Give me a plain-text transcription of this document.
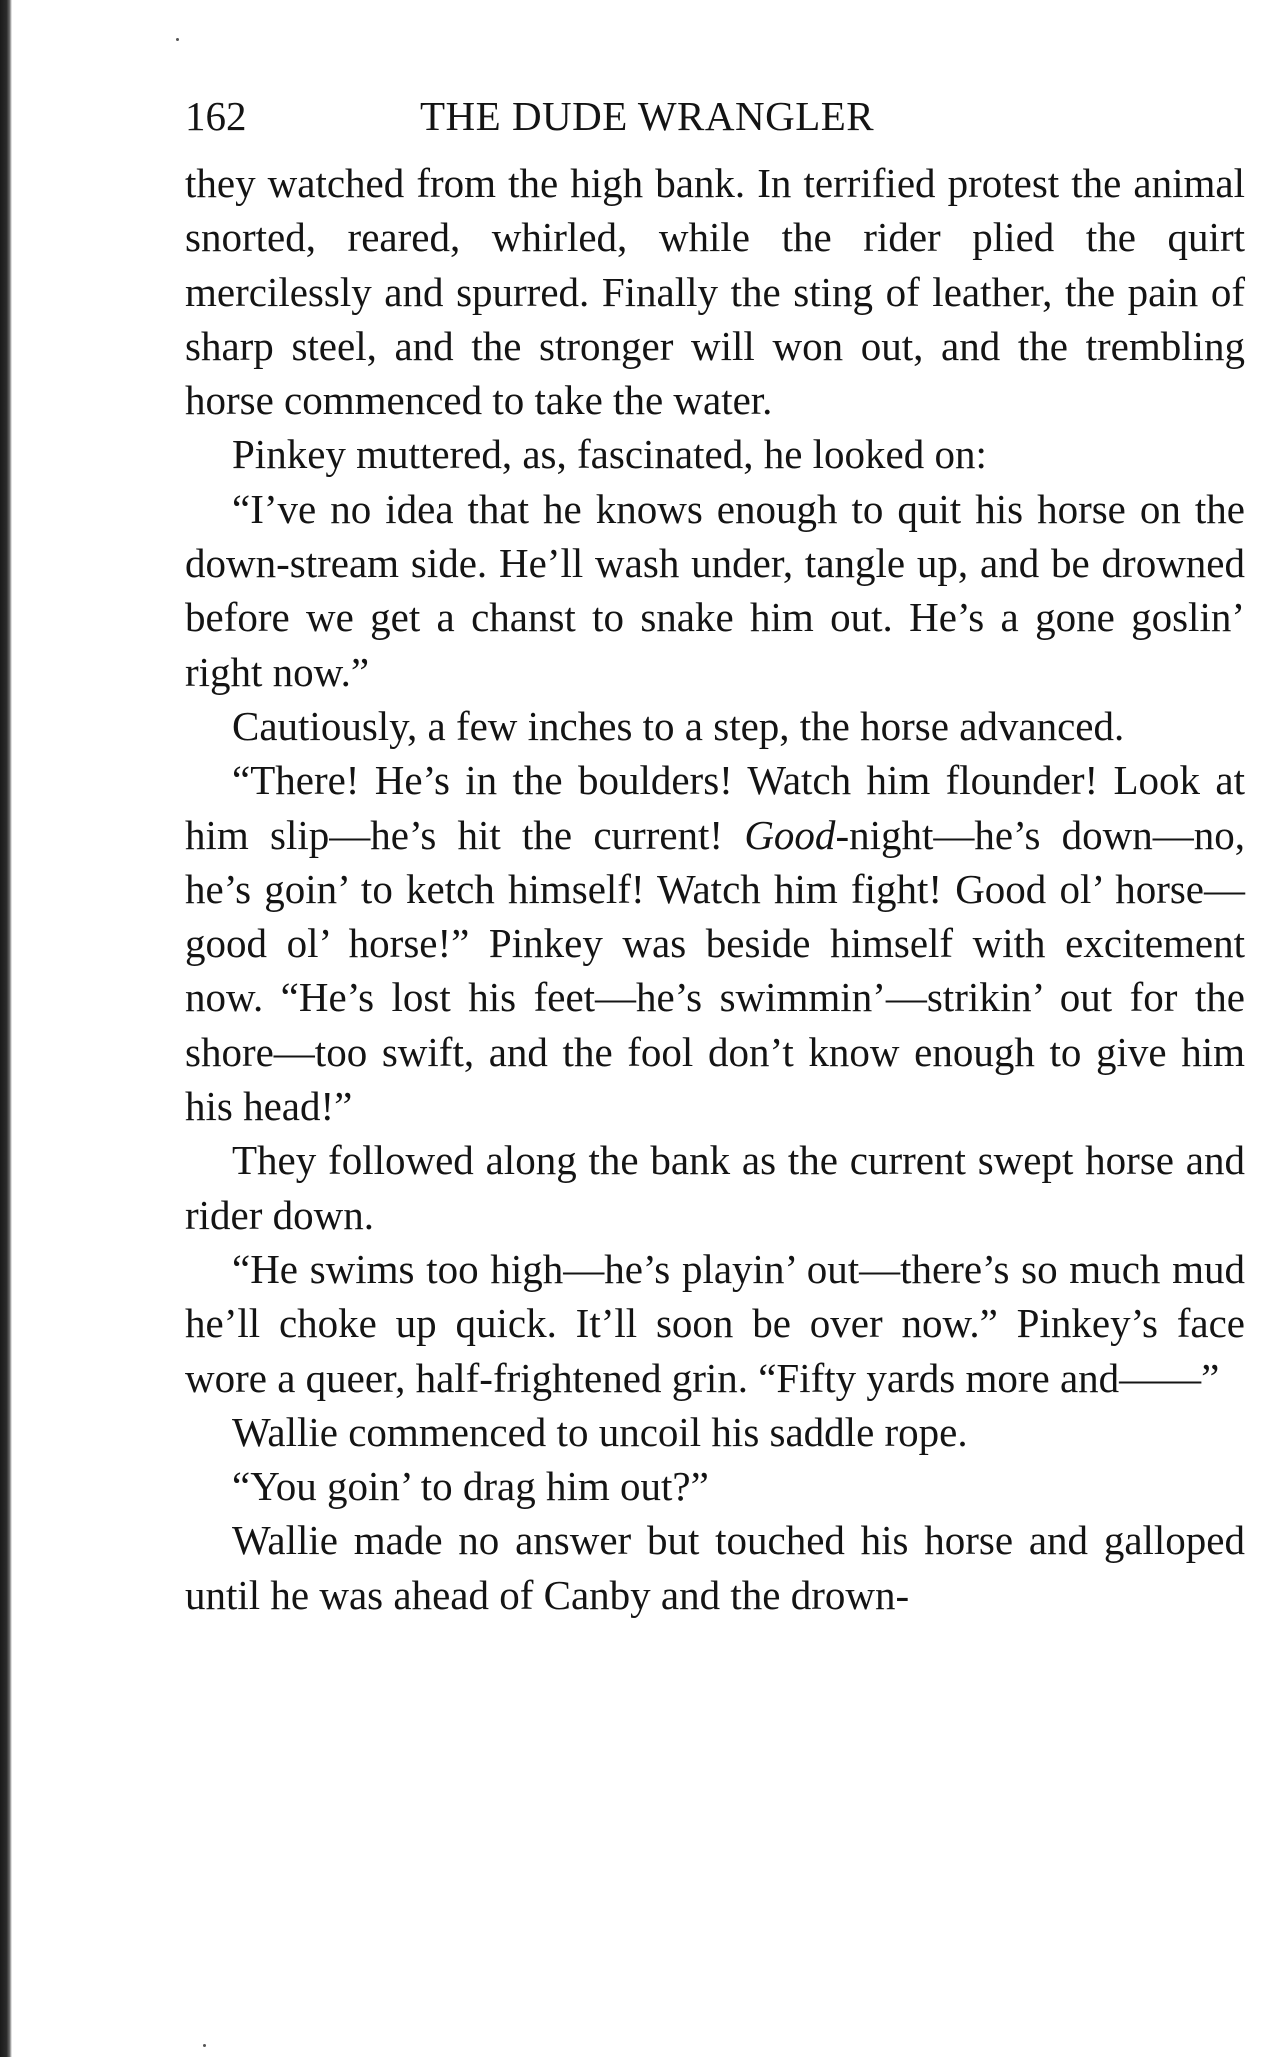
162	THE DUDE WRANGLER

they watched from the high bank. In terrified protest the animal snorted, reared, whirled, while the rider plied the quirt mercilessly and spurred. Finally the sting of leather, the pain of sharp steel, and the stronger will won out, and the trembling horse commenced to take the water.

Pinkey muttered, as, fascinated, he looked on:

“I’ve no idea that he knows enough to quit his horse on the down-stream side. He’ll wash under, tangle up, and be drowned before we get a chanst to snake him out. He’s a gone goslin’ right now.”

Cautiously, a few inches to a step, the horse advanced.

“There! He’s in the boulders! Watch him flounder! Look at him slip—he’s hit the current! Good-night—he’s down—no, he’s goin’ to ketch himself! Watch him fight! Good ol’ horse—good ol’ horse!” Pinkey was beside himself with excitement now. “He’s lost his feet—he’s swimmin’—strikin’ out for the shore—too swift, and the fool don’t know enough to give him his head!”

They followed along the bank as the current swept horse and rider down.

“He swims too high—he’s playin’ out—there’s so much mud he’ll choke up quick. It’ll soon be over now.” Pinkey’s face wore a queer, half-frightened grin. “Fifty yards more and——”

Wallie commenced to uncoil his saddle rope.

“You goin’ to drag him out?”

Wallie made no answer but touched his horse and galloped until he was ahead of Canby and the drown-
